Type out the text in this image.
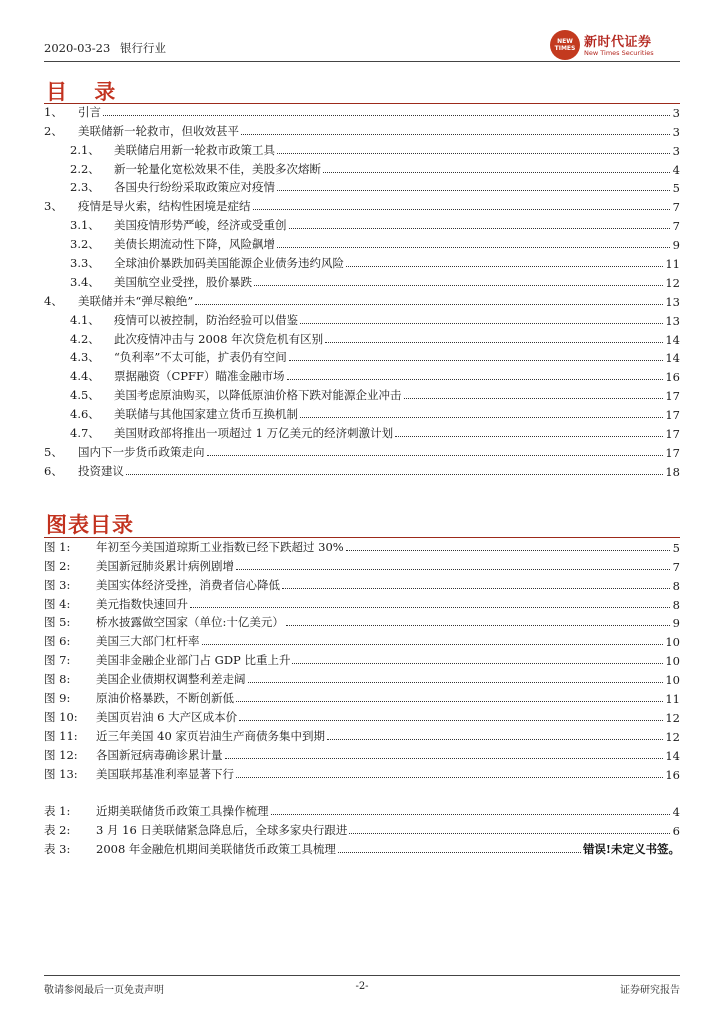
2020-03-23 银行行业	NEW TIMES 新时代证券
New Times Securities
目 录
1、	引言	3
2、	美联储新一轮救市，但收效甚平	3
2.1、	美联储启用新一轮救市政策工具	3
2.2、	新一轮量化宽松效果不佳，美股多次熔断	4
2.3、	各国央行纷纷采取政策应对疫情	5
3、	疫情是导火索，结构性困境是症结	7
3.1、	美国疫情形势严峻，经济或受重创	7
3.2、	美债长期流动性下降，风险飙增	9
3.3、	全球油价暴跌加码美国能源企业债务违约风险	11
3.4、	美国航空业受挫，股价暴跌	12
4、	美联储并未“弹尽粮绝”	13
4.1、	疫情可以被控制，防治经验可以借鉴	13
4.2、	此次疫情冲击与 2008 年次贷危机有区别	14
4.3、	“负利率”不太可能，扩表仍有空间	14
4.4、	票据融资（CPFF）瞄准金融市场	16
4.5、	美国考虑原油购买，以降低原油价格下跌对能源企业冲击	17
4.6、	美联储与其他国家建立货币互换机制	17
4.7、	美国财政部将推出一项超过 1 万亿美元的经济刺激计划	17
5、	国内下一步货币政策走向	17
6、	投资建议	18
图表目录
图 1:	年初至今美国道琼斯工业指数已经下跌超过 30%	5
图 2:	美国新冠肺炎累计病例剧增	7
图 3:	美国实体经济受挫，消费者信心降低	8
图 4:	美元指数快速回升	8
图 5:	桥水披露做空国家（单位:十亿美元）	9
图 6:	美国三大部门杠杆率	10
图 7:	美国非金融企业部门占 GDP 比重上升	10
图 8:	美国企业债期权调整利差走阔	10
图 9:	原油价格暴跌，不断创新低	11
图 10:	美国页岩油 6 大产区成本价	12
图 11:	近三年美国 40 家页岩油生产商债务集中到期	12
图 12:	各国新冠病毒确诊累计量	14
图 13:	美国联邦基准利率显著下行	16
表 1:	近期美联储货币政策工具操作梳理	4
表 2:	3 月 16 日美联储紧急降息后，全球多家央行跟进	6
表 3:	2008 年金融危机期间美联储货币政策工具梳理	错误!未定义书签。
敬请参阅最后一页免责声明	-2-	证券研究报告
